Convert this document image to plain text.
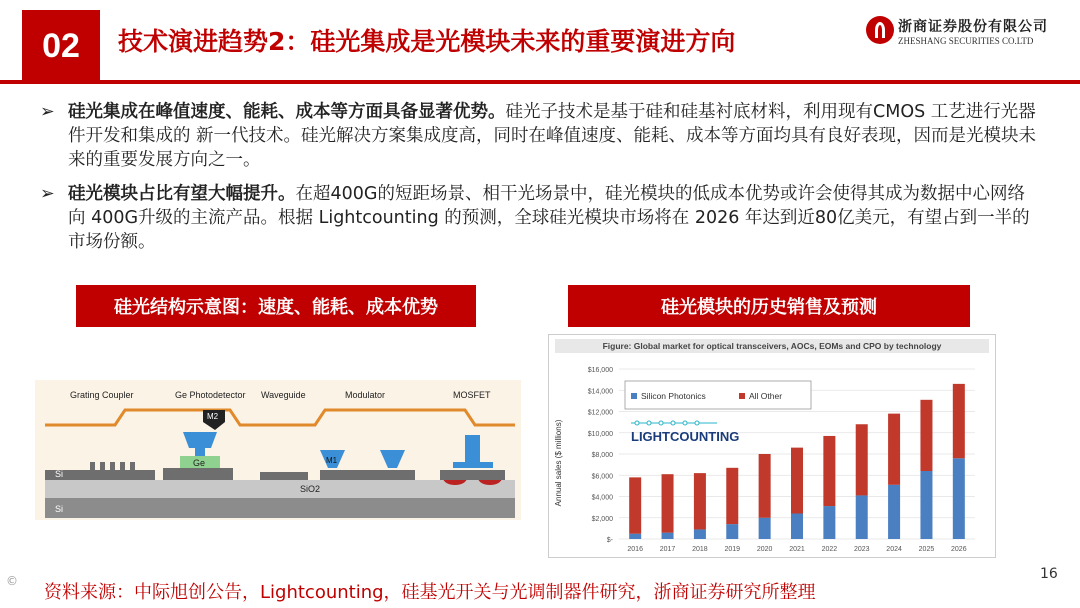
02 技术演进趋势2：硅光集成是光模块未来的重要演进方向	浙商证券股份有限公司
ZHESHANG SECURITIES CO.LTD
➢ 硅光集成在峰值速度、能耗、成本等方面具备显著优势。硅光子技术是基于硅和硅基衬底材料，利用现有CMOS 工艺进行光器件开发和集成的 新一代技术。硅光解决方案集成度高，同时在峰值速度、能耗、成本等方面均具有良好表现，因而是光模块未来的重要发展方向之一。
➢ 硅光模块占比有望大幅提升。在超400G的短距场景、相干光场景中，硅光模块的低成本优势或许会使得其成为数据中心网络向 400G升级的主流产品。根据 Lightcounting 的预测，全球硅光模块市场将在 2026 年达到近80亿美元，有望占到一半的市场份额。
硅光结构示意图：速度、能耗、成本优势	硅光模块的历史销售及预测
Grating Coupler	Ge Photodetector Waveguide	Modulator	MOSFET
M2
M1
Ge
Si
SiO2
Si
Figure: Global market for optical transceivers, AOCs, EOMs and CPO by technology
Annual sales ($ millions)
$-
$2,000
$4,000
$6,000
$8,000
$10,000
$12,000
$14,000
$16,000
2016 2017 2018 2019 2020 2021 2022 2023 2024 2025 2026
Silicon Photonics	All Other
LIGHTCOUNTING
©
资料来源：中际旭创公告，Lightcounting，硅基光开关与光调制器件研究，浙商证券研究所整理
16
